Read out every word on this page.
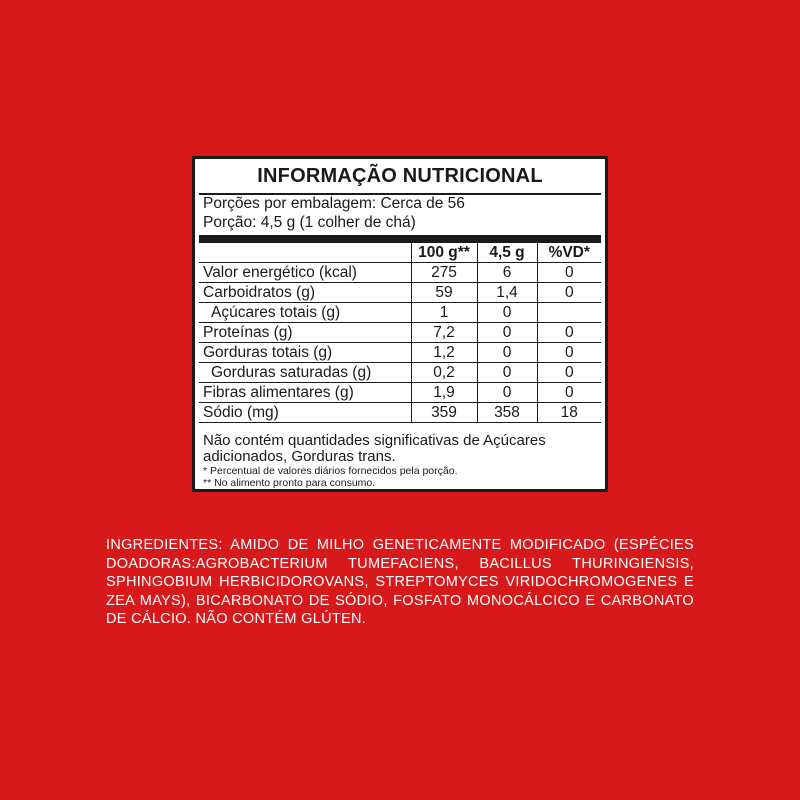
INFORMAÇÃO NUTRICIONAL
Porções por embalagem: Cerca de 56
Porção: 4,5 g (1 colher de chá)
	100 g**	4,5 g	%VD*
Valor energético (kcal)	275	6	0
Carboidratos (g)	59	1,4	0
Açúcares totais (g)	1	0	
Proteínas (g)	7,2	0	0
Gorduras totais (g)	1,2	0	0
Gorduras saturadas (g)	0,2	0	0
Fibras alimentares (g)	1,9	0	0
Sódio (mg)	359	358	18
Não contém quantidades significativas de Açúcares adicionados, Gorduras trans.
* Percentual de valores diários fornecidos pela porção.
** No alimento pronto para consumo.
INGREDIENTES: AMIDO DE MILHO GENETICAMENTE MODIFICADO (ESPÉCIES DOADORAS:AGROBACTERIUM TUMEFACIENS, BACILLUS THURINGIENSIS, SPHINGOBIUM HERBICIDOROVANS, STREPTOMYCES VIRIDOCHROMOGENES E ZEA MAYS), BICARBONATO DE SÓDIO, FOSFATO MONOCÁLCICO E CARBONATO DE CÁLCIO. NÃO CONTÉM GLÚTEN.
